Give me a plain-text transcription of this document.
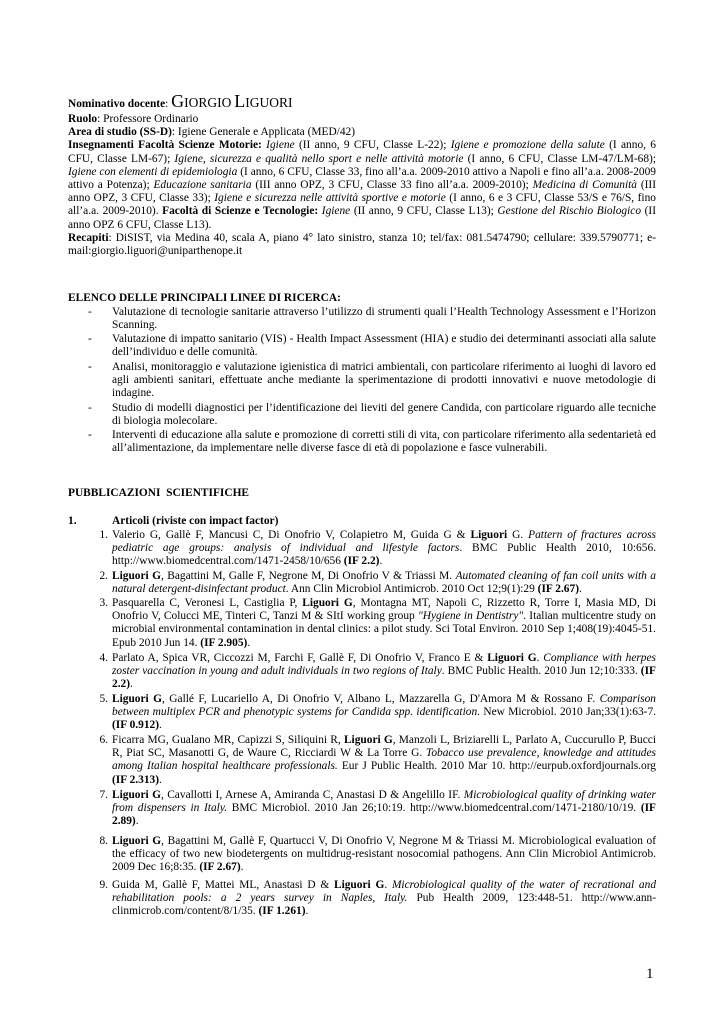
Nominativo docente: GIORGIO LIGUORI
Ruolo: Professore Ordinario
Area di studio (SS-D): Igiene Generale e Applicata (MED/42)
Insegnamenti Facoltà Scienze Motorie: Igiene (II anno, 9 CFU, Classe L-22); Igiene e promozione della salute (I anno, 6 CFU, Classe LM-67); Igiene, sicurezza e qualità nello sport e nelle attività motorie (I anno, 6 CFU, Classe LM-47/LM-68); Igiene con elementi di epidemiologia (I anno, 6 CFU, Classe 33, fino all’a.a. 2009-2010 attivo a Napoli e fino all’a.a. 2008-2009 attivo a Potenza); Educazione sanitaria (III anno OPZ, 3 CFU, Classe 33 fino all’a.a. 2009-2010); Medicina di Comunità (III anno OPZ, 3 CFU, Classe 33); Igiene e sicurezza nelle attività sportive e motorie (I anno, 6 e 3 CFU, Classe 53/S e 76/S, fino all’a.a. 2009-2010). Facoltà di Scienze e Tecnologie: Igiene (II anno, 9 CFU, Classe L13); Gestione del Rischio Biologico (II anno OPZ 6 CFU, Classe L13).
Recapiti: DiSIST, via Medina 40, scala A, piano 4° lato sinistro, stanza 10; tel/fax: 081.5474790; cellulare: 339.5790771; e-mail:giorgio.liguori@uniparthenope.it
ELENCO DELLE PRINCIPALI LINEE DI RICERCA:
- Valutazione di tecnologie sanitarie attraverso l’utilizzo di strumenti quali l’Health Technology Assessment e l’Horizon Scanning.
- Valutazione di impatto sanitario (VIS) - Health Impact Assessment (HIA) e studio dei determinanti associati alla salute dell’individuo e delle comunità.
- Analisi, monitoraggio e valutazione igienistica di matrici ambientali, con particolare riferimento ai luoghi di lavoro ed agli ambienti sanitari, effettuate anche mediante la sperimentazione di prodotti innovativi e nuove metodologie di indagine.
- Studio di modelli diagnostici per l’identificazione dei lieviti del genere Candida, con particolare riguardo alle tecniche di biologia molecolare.
- Interventi di educazione alla salute e promozione di corretti stili di vita, con particolare riferimento alla sedentarietà ed all’alimentazione, da implementare nelle diverse fasce di età di popolazione e fasce vulnerabili.
PUBBLICAZIONI  SCIENTIFICHE
1.	Articoli (riviste con impact factor)
1. Valerio G, Gallè F, Mancusi C, Di Onofrio V, Colapietro M, Guida G & Liguori G. Pattern of fractures across pediatric age groups: analysis of individual and lifestyle factors. BMC Public Health 2010, 10:656. http://www.biomedcentral.com/1471-2458/10/656 (IF 2.2).
2. Liguori G, Bagattini M, Galle F, Negrone M, Di Onofrio V & Triassi M. Automated cleaning of fan coil units with a natural detergent-disinfectant product. Ann Clin Microbiol Antimicrob. 2010 Oct 12;9(1):29 (IF 2.67).
3. Pasquarella C, Veronesi L, Castiglia P, Liguori G, Montagna MT, Napoli C, Rizzetto R, Torre I, Masia MD, Di Onofrio V, Colucci ME, Tinteri C, Tanzi M & SItI working group "Hygiene in Dentistry". Italian multicentre study on microbial environmental contamination in dental clinics: a pilot study. Sci Total Environ. 2010 Sep 1;408(19):4045-51. Epub 2010 Jun 14. (IF 2.905).
4. Parlato A, Spica VR, Ciccozzi M, Farchi F, Gallè F, Di Onofrio V, Franco E & Liguori G. Compliance with herpes zoster vaccination in young and adult individuals in two regions of Italy. BMC Public Health. 2010 Jun 12;10:333. (IF 2.2).
5. Liguori G, Gallé F, Lucariello A, Di Onofrio V, Albano L, Mazzarella G, D'Amora M & Rossano F. Comparison between multiplex PCR and phenotypic systems for Candida spp. identification. New Microbiol. 2010 Jan;33(1):63-7. (IF 0.912).
6. Ficarra MG, Gualano MR, Capizzi S, Siliquini R, Liguori G, Manzoli L, Briziarelli L, Parlato A, Cuccurullo P, Bucci R, Piat SC, Masanotti G, de Waure C, Ricciardi W & La Torre G. Tobacco use prevalence, knowledge and attitudes among Italian hospital healthcare professionals. Eur J Public Health. 2010 Mar 10. http://eurpub.oxfordjournals.org (IF 2.313).
7. Liguori G, Cavallotti I, Arnese A, Amiranda C, Anastasi D & Angelillo IF. Microbiological quality of drinking water from dispensers in Italy. BMC Microbiol. 2010 Jan 26;10:19. http://www.biomedcentral.com/1471-2180/10/19. (IF 2.89).
8. Liguori G, Bagattini M, Gallè F, Quartucci V, Di Onofrio V, Negrone M & Triassi M. Microbiological evaluation of the efficacy of two new biodetergents on multidrug-resistant nosocomial pathogens. Ann Clin Microbiol Antimicrob. 2009 Dec 16;8:35. (IF 2.67).
9. Guida M, Gallè F, Mattei ML, Anastasi D & Liguori G. Microbiological quality of the water of recrational and rehabilitation pools: a 2 years survey in Naples, Italy. Pub Health 2009, 123:448-51. http://www.ann-clinmicrob.com/content/8/1/35. (IF 1.261).
1
